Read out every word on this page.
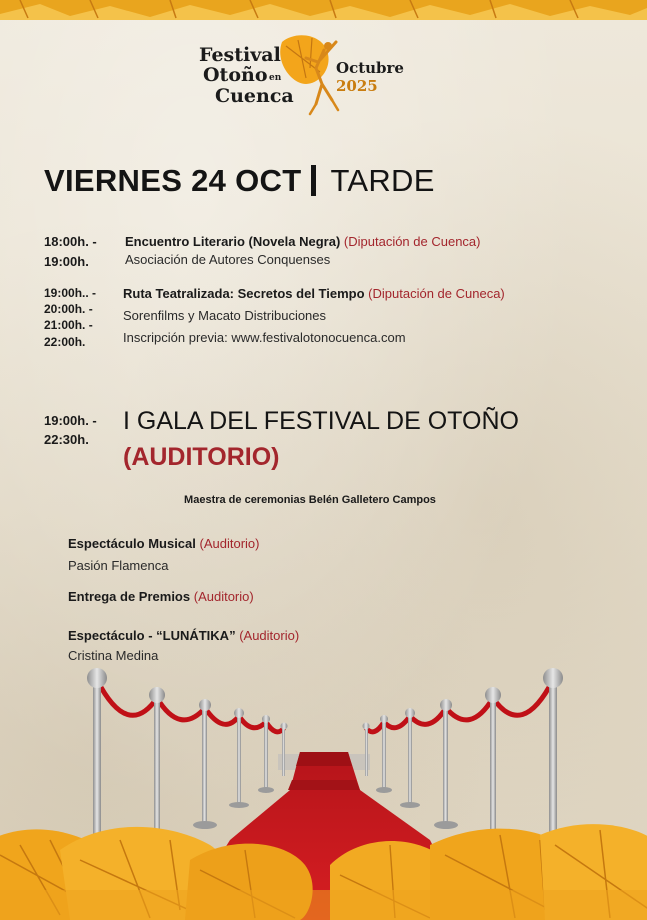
Festival
Otoño en
Cuenca
Octubre 2025
VIERNES 24 OCT TARDE
18:00h. -
19:00h.
Encuentro Literario (Novela Negra) (Diputación de Cuenca)
Asociación de Autores Conquenses
19:00h.. -
20:00h. -
21:00h. -
22:00h.
Ruta Teatralizada: Secretos del Tiempo (Diputación de Cuneca)
Sorenfilms y Macato Distribuciones
Inscripción previa: www.festivalotonocuenca.com
19:00h. -
22:30h.
I GALA DEL FESTIVAL DE OTOÑO
(AUDITORIO)
Maestra de ceremonias Belén Galletero Campos
Espectáculo Musical (Auditorio)
Pasión Flamenca
Entrega de Premios (Auditorio)
Espectáculo - “LUNÁTIKA” (Auditorio)
Cristina Medina
